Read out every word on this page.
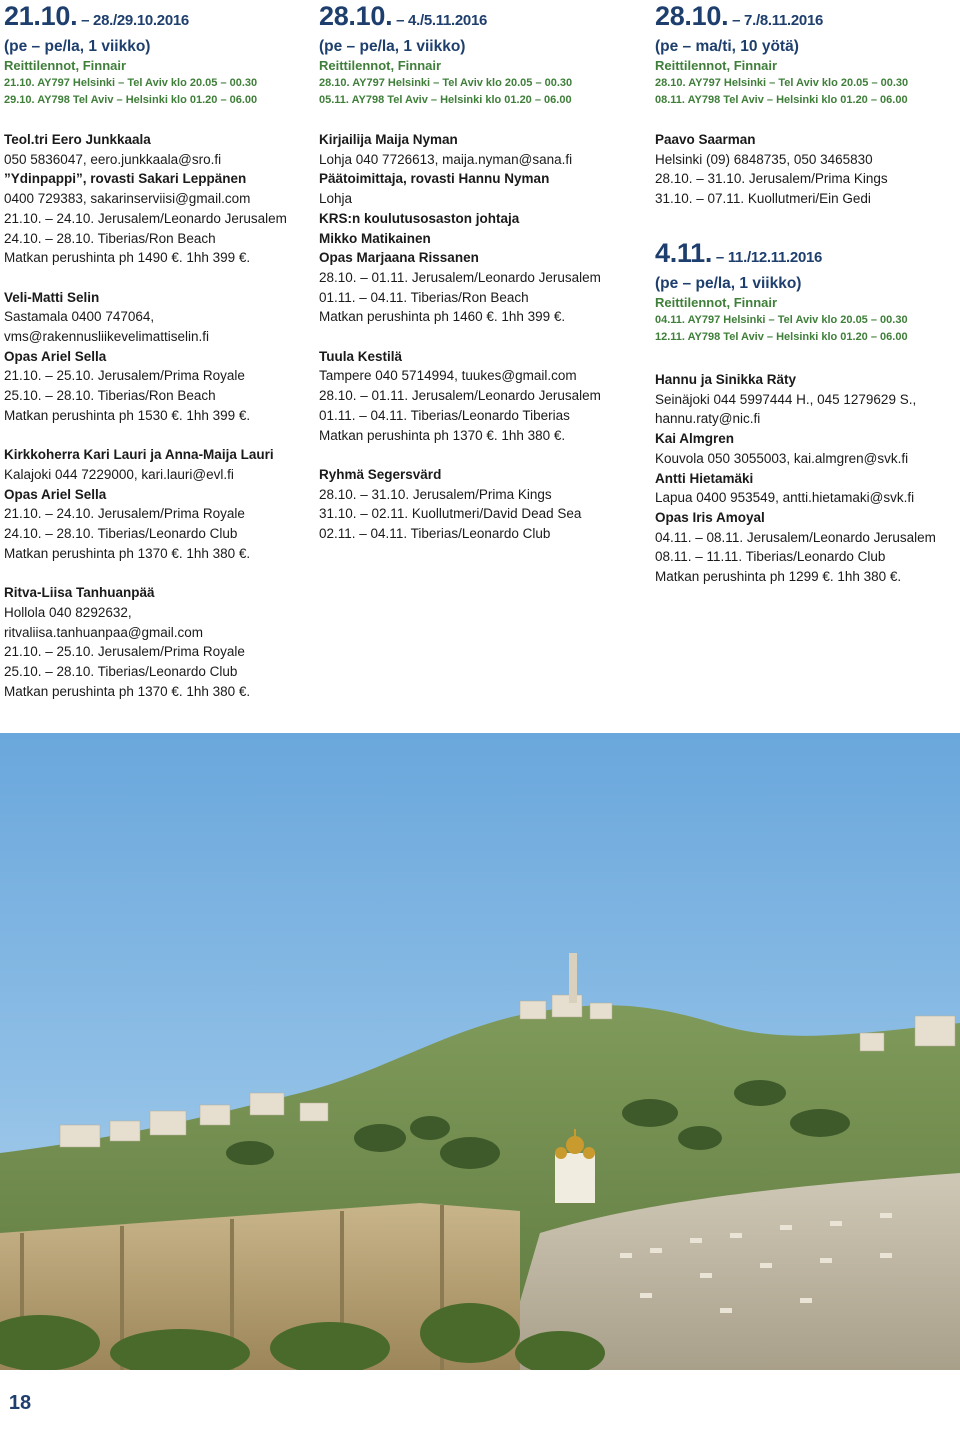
21.10. – 28./29.10.2016
(pe – pe/la, 1 viikko)
Reittilennot, Finnair
21.10. AY797 Helsinki – Tel Aviv klo 20.05 – 00.30
29.10. AY798 Tel Aviv – Helsinki klo 01.20 – 06.00
Teol.tri Eero Junkkaala
050 5836047, eero.junkkaala@sro.fi
”Ydinpappi”, rovasti Sakari Leppänen
0400 729383, sakarinserviisi@gmail.com
21.10. – 24.10. Jerusalem/Leonardo Jerusalem
24.10. – 28.10. Tiberias/Ron Beach
Matkan perushinta ph 1490 €. 1hh 399 €.
Veli-Matti Selin
Sastamala 0400 747064,
vms@rakennusliikevelimattiselin.fi
Opas Ariel Sella
21.10. – 25.10. Jerusalem/Prima Royale
25.10. – 28.10. Tiberias/Ron Beach
Matkan perushinta ph 1530 €. 1hh 399 €.
Kirkkoherra Kari Lauri ja Anna-Maija Lauri
Kalajoki 044 7229000, kari.lauri@evl.fi
Opas Ariel Sella
21.10. – 24.10. Jerusalem/Prima Royale
24.10. – 28.10. Tiberias/Leonardo Club
Matkan perushinta ph 1370 €. 1hh 380 €.
Ritva-Liisa Tanhuanpää
Hollola 040 8292632,
ritvaliisa.tanhuanpaa@gmail.com
21.10. – 25.10. Jerusalem/Prima Royale
25.10. – 28.10. Tiberias/Leonardo Club
Matkan perushinta ph 1370 €. 1hh 380 €.
28.10. – 4./5.11.2016
(pe – pe/la, 1 viikko)
Reittilennot, Finnair
28.10. AY797 Helsinki – Tel Aviv klo 20.05 – 00.30
05.11. AY798 Tel Aviv – Helsinki klo 01.20 – 06.00
Kirjailija Maija Nyman
Lohja 040 7726613, maija.nyman@sana.fi
Päätoimittaja, rovasti Hannu Nyman
Lohja
KRS:n koulutusosaston johtaja
Mikko Matikainen
Opas Marjaana Rissanen
28.10. – 01.11. Jerusalem/Leonardo Jerusalem
01.11. – 04.11. Tiberias/Ron Beach
Matkan perushinta ph 1460 €. 1hh 399 €.
Tuula Kestilä
Tampere 040 5714994, tuukes@gmail.com
28.10. – 01.11. Jerusalem/Leonardo Jerusalem
01.11. – 04.11. Tiberias/Leonardo Tiberias
Matkan perushinta ph 1370 €. 1hh 380 €.
Ryhmä Segersvärd
28.10. – 31.10. Jerusalem/Prima Kings
31.10. – 02.11. Kuollutmeri/David Dead Sea
02.11. – 04.11. Tiberias/Leonardo Club
28.10. – 7./8.11.2016
(pe – ma/ti, 10 yötä)
Reittilennot, Finnair
28.10. AY797 Helsinki – Tel Aviv klo 20.05 – 00.30
08.11. AY798 Tel Aviv – Helsinki klo 01.20 – 06.00
Paavo Saarman
Helsinki (09) 6848735, 050 3465830
28.10. – 31.10. Jerusalem/Prima Kings
31.10. – 07.11. Kuollutmeri/Ein Gedi
4.11. – 11./12.11.2016
(pe – pe/la, 1 viikko)
Reittilennot, Finnair
04.11. AY797 Helsinki – Tel Aviv klo 20.05 – 00.30
12.11. AY798 Tel Aviv – Helsinki klo 01.20 – 06.00
Hannu ja Sinikka Räty
Seinäjoki 044 5997444 H., 045 1279629 S.,
hannu.raty@nic.fi
Kai Almgren
Kouvola 050 3055003, kai.almgren@svk.fi
Antti Hietamäki
Lapua 0400 953549, antti.hietamaki@svk.fi
Opas Iris Amoyal
04.11. – 08.11. Jerusalem/Leonardo Jerusalem
08.11. – 11.11. Tiberias/Leonardo Club
Matkan perushinta ph 1299 €. 1hh 380 €.
18
